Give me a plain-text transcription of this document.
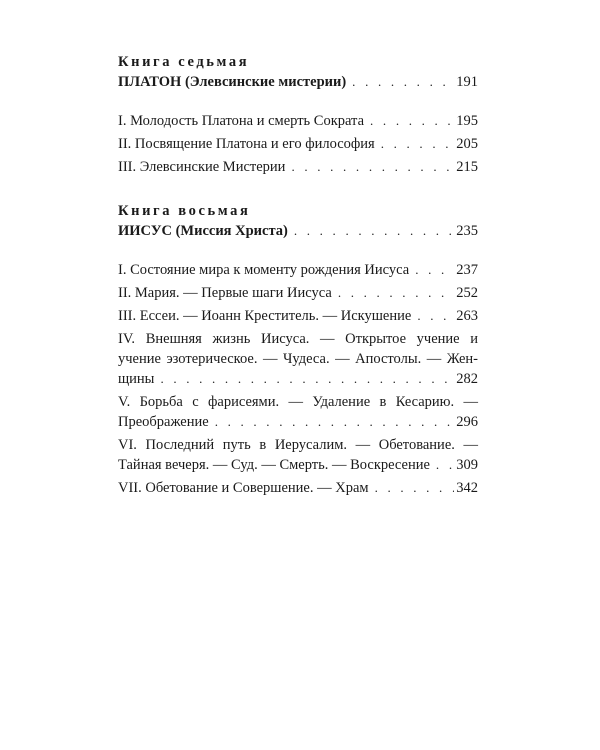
Книга седьмая
ПЛАТОН (Элевсинские мистерии) . . .	191
I. Молодость Платона и смерть Сократа . . .	195
II. Посвящение Платона и его философия . . .	205
III. Элевсинские Мистерии . . .	215
Книга восьмая
ИИСУС (Миссия Христа) . . .	235
I. Состояние мира к моменту рождения Иисуса . . .	237
II. Мария. — Первые шаги Иисуса . . .	252
III. Ессеи. — Иоанн Креститель. — Искушение . . .	263
IV. Внешняя жизнь Иисуса. — Открытое учение и
учение эзотерическое. — Чудеса. — Апостолы. — Жен-
щины . . .	282
V. Борьба с фарисеями. — Удаление в Кесарию. —
Преображение . . .	296
VI. Последний путь в Иерусалим. — Обетование. —
Тайная вечеря. — Суд. — Смерть. — Воскресение . . . 309
VII. Обетование и Совершение. — Храм . . .	342
